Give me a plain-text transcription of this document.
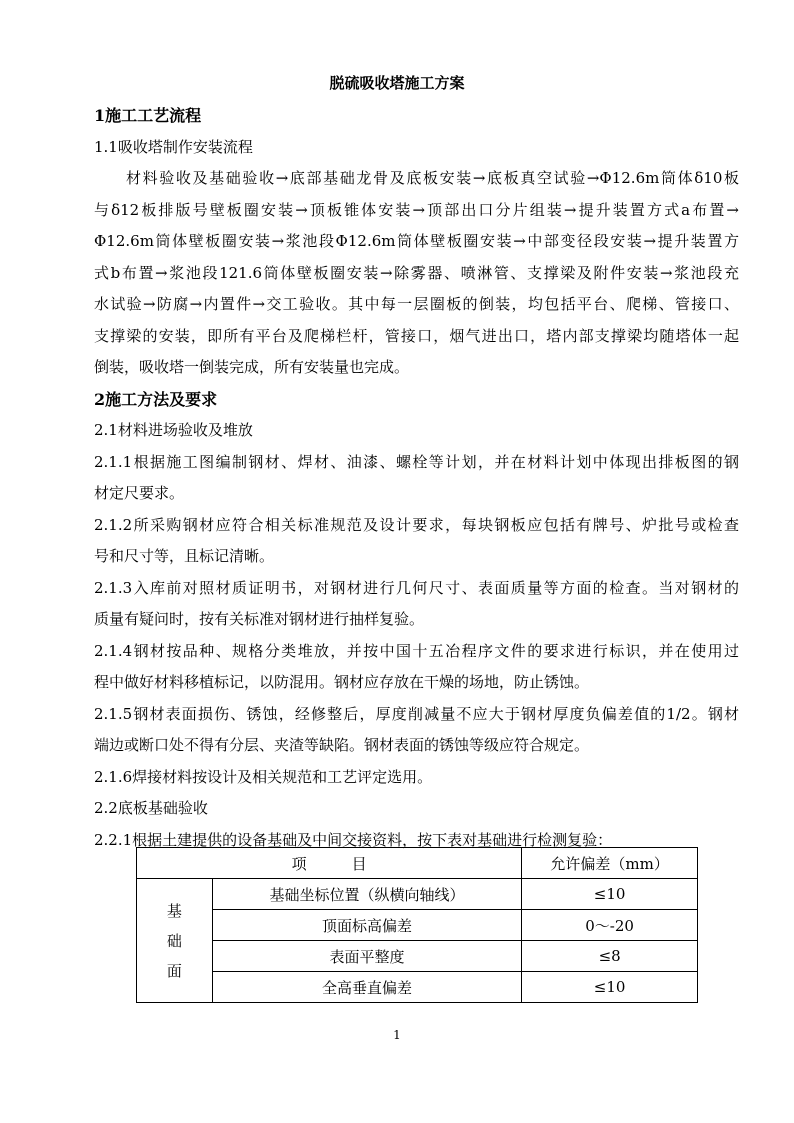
脱硫吸收塔施工方案
1施工工艺流程
1.1吸收塔制作安装流程
材料验收及基础验收→底部基础龙骨及底板安装→底板真空试验→Φ12.6m筒体δ10板
与δ12板排版号壁板圈安装→顶板锥体安装→顶部出口分片组装→提升装置方式a布置→
Φ12.6m筒体壁板圈安装→浆池段Φ12.6m筒体壁板圈安装→中部变径段安装→提升装置方
式b布置→浆池段121.6筒体壁板圈安装→除雾器、喷淋管、支撑梁及附件安装→浆池段充
水试验→防腐→内置件→交工验收。其中每一层圈板的倒装，均包括平台、爬梯、管接口、
支撑梁的安装，即所有平台及爬梯栏杆，管接口，烟气进出口，塔内部支撑梁均随塔体一起
倒装，吸收塔一倒装完成，所有安装量也完成。
2施工方法及要求
2.1材料进场验收及堆放
2.1.1根据施工图编制钢材、焊材、油漆、螺栓等计划，并在材料计划中体现出排板图的钢
材定尺要求。
2.1.2所采购钢材应符合相关标准规范及设计要求，每块钢板应包括有牌号、炉批号或检查
号和尺寸等，且标记清晰。
2.1.3入库前对照材质证明书，对钢材进行几何尺寸、表面质量等方面的检查。当对钢材的
质量有疑问时，按有关标准对钢材进行抽样复验。
2.1.4钢材按品种、规格分类堆放，并按中国十五冶程序文件的要求进行标识，并在使用过
程中做好材料移植标记，以防混用。钢材应存放在干燥的场地，防止锈蚀。
2.1.5钢材表面损伤、锈蚀，经修整后，厚度削减量不应大于钢材厚度负偏差值的1/2。钢材
端边或断口处不得有分层、夹渣等缺陷。钢材表面的锈蚀等级应符合规定。
2.1.6焊接材料按设计及相关规范和工艺评定选用。
2.2底板基础验收
2.2.1根据土建提供的设备基础及中间交接资料，按下表对基础进行检测复验：
项　　　目		允许偏差（mm）

基
础
面	基础坐标位置（纵横向轴线）	≤10
	顶面标高偏差	0～-20
	表面平整度	≤8
	全高垂直偏差	≤10
1
